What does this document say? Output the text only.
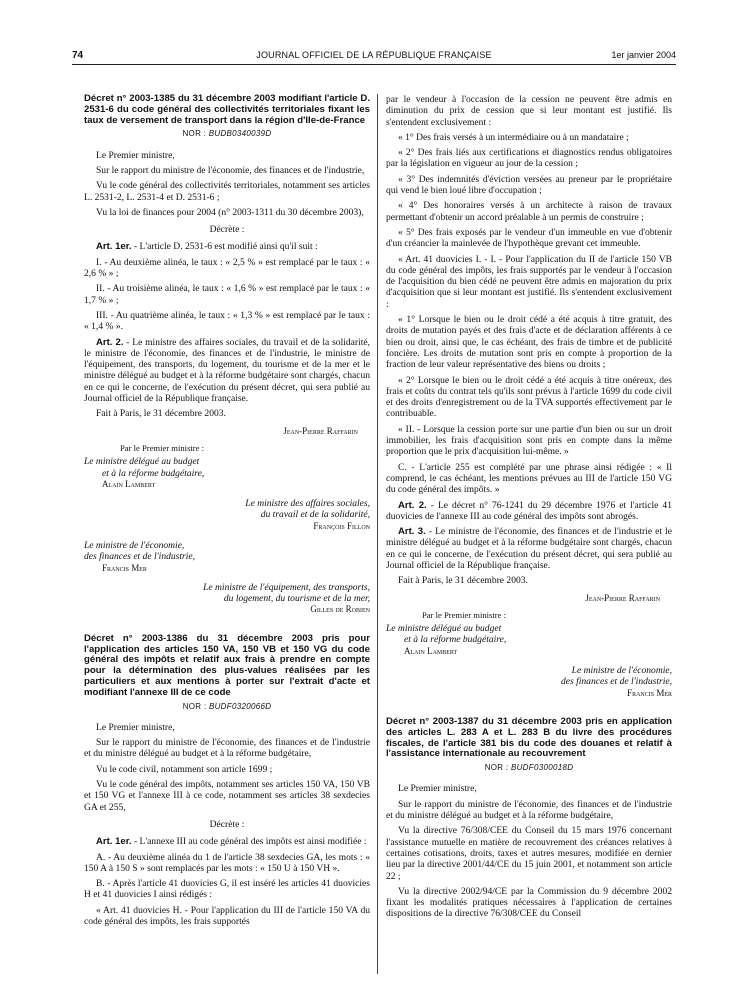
74	JOURNAL OFFICIEL DE LA RÉPUBLIQUE FRANÇAISE	1er janvier 2004

Décret n° 2003-1385 du 31 décembre 2003 modifiant l'article D. 2531-6 du code général des collectivités territoriales fixant les taux de versement de transport dans la région d'Ile-de-France

NOR : BUDB0340039D

Le Premier ministre,

Sur le rapport du ministre de l'économie, des finances et de l'industrie,

Vu le code général des collectivités territoriales, notamment ses articles L. 2531-2, L. 2531-4 et D. 2531-6 ;

Vu la loi de finances pour 2004 (n° 2003-1311 du 30 décembre 2003),

Décrète :

Art. 1er. - L'article D. 2531-6 est modifié ainsi qu'il suit :

I. - Au deuxième alinéa, le taux : « 2,5 % » est remplacé par le taux : « 2,6 % » ;

II. - Au troisième alinéa, le taux : « 1,6 % » est remplacé par le taux : « 1,7 % » ;

III. - Au quatrième alinéa, le taux : « 1,3 % » est remplacé par le taux : « 1,4 % ».

Art. 2. - Le ministre des affaires sociales, du travail et de la solidarité, le ministre de l'économie, des finances et de l'industrie, le ministre de l'équipement, des transports, du logement, du tourisme et de la mer et le ministre délégué au budget et à la réforme budgétaire sont chargés, chacun en ce qui le concerne, de l'exécution du présent décret, qui sera publié au Journal officiel de la République française.

Fait à Paris, le 31 décembre 2003.

Jean-Pierre Raffarin

Par le Premier ministre :

Le ministre délégué au budget

et à la réforme budgétaire,

Alain Lambert

Le ministre des affaires sociales,

du travail et de la solidarité,

François Fillon

Le ministre de l'économie,

des finances et de l'industrie,

Francis Mer

Le ministre de l'équipement, des transports,

du logement, du tourisme et de la mer,

Gilles de Robien

Décret n° 2003-1386 du 31 décembre 2003 pris pour l'application des articles 150 VA, 150 VB et 150 VG du code général des impôts et relatif aux frais à prendre en compte pour la détermination des plus-values réalisées par les particuliers et aux mentions à porter sur l'extrait d'acte et modifiant l'annexe III de ce code

NOR : BUDF0320066D

Le Premier ministre,

Sur le rapport du ministre de l'économie, des finances et de l'industrie et du ministre délégué au budget et à la réforme budgétaire,

Vu le code civil, notamment son article 1699 ;

Vu le code général des impôts, notamment ses articles 150 VA, 150 VB et 150 VG et l'annexe III à ce code, notamment ses articles 38 sexdecies GA et 255,

Décrète :

Art. 1er. - L'annexe III au code général des impôts est ainsi modifiée :

A. - Au deuxième alinéa du 1 de l'article 38 sexdecies GA, les mots : « 150 A à 150 S » sont remplacés par les mots : « 150 U à 150 VH ».

B. - Après l'article 41 duovicies G, il est inséré les articles 41 duovicies H et 41 duovicies I ainsi rédigés :

« Art. 41 duovicies H. - Pour l'application du III de l'article 150 VA du code général des impôts, les frais supportés

par le vendeur à l'occasion de la cession ne peuvent être admis en diminution du prix de cession que si leur montant est justifié. Ils s'entendent exclusivement :

« 1° Des frais versés à un intermédiaire ou à un mandataire ;

« 2° Des frais liés aux certifications et diagnostics rendus obligatoires par la législation en vigueur au jour de la cession ;

« 3° Des indemnités d'éviction versées au preneur par le propriétaire qui vend le bien loué libre d'occupation ;

« 4° Des honoraires versés à un architecte à raison de travaux permettant d'obtenir un accord préalable à un permis de construire ;

« 5° Des frais exposés par le vendeur d'un immeuble en vue d'obtenir d'un créancier la mainlevée de l'hypothèque grevant cet immeuble.

« Art. 41 duovicies I. - I. - Pour l'application du II de l'article 150 VB du code général des impôts, les frais supportés par le vendeur à l'occasion de l'acquisition du bien cédé ne peuvent être admis en majoration du prix d'acquisition que si leur montant est justifié. Ils s'entendent exclusivement :

« 1° Lorsque le bien ou le droit cédé a été acquis à titre gratuit, des droits de mutation payés et des frais d'acte et de déclaration afférents à ce bien ou droit, ainsi que, le cas échéant, des frais de timbre et de publicité foncière. Les droits de mutation sont pris en compte à proportion de la fraction de leur valeur représentative des biens ou droits ;

« 2° Lorsque le bien ou le droit cédé a été acquis à titre onéreux, des frais et coûts du contrat tels qu'ils sont prévus à l'article 1699 du code civil et des droits d'enregistrement ou de la TVA supportés effectivement par le contribuable.

« II. - Lorsque la cession porte sur une partie d'un bien ou sur un droit immobilier, les frais d'acquisition sont pris en compte dans la même proportion que le prix d'acquisition lui-même. »

C. - L'article 255 est complété par une phrase ainsi rédigée : « Il comprend, le cas échéant, les mentions prévues au III de l'article 150 VG du code général des impôts. »

Art. 2. - Le décret n° 76-1241 du 29 décembre 1976 et l'article 41 duovicies de l'annexe III au code général des impôts sont abrogés.

Art. 3. - Le ministre de l'économie, des finances et de l'industrie et le ministre délégué au budget et à la réforme budgétaire sont chargés, chacun en ce qui le concerne, de l'exécution du présent décret, qui sera publié au Journal officiel de la République française.

Fait à Paris, le 31 décembre 2003.

Jean-Pierre Raffarin

Par le Premier ministre :

Le ministre délégué au budget

et à la réforme budgétaire,

Alain Lambert

Le ministre de l'économie,

des finances et de l'industrie,

Francis Mer

Décret n° 2003-1387 du 31 décembre 2003 pris en application des articles L. 283 A et L. 283 B du livre des procédures fiscales, de l'article 381 bis du code des douanes et relatif à l'assistance internationale au recouvrement

NOR : BUDF0300018D

Le Premier ministre,

Sur le rapport du ministre de l'économie, des finances et de l'industrie et du ministre délégué au budget et à la réforme budgétaire,

Vu la directive 76/308/CEE du Conseil du 15 mars 1976 concernant l'assistance mutuelle en matière de recouvrement des créances relatives à certaines cotisations, droits, taxes et autres mesures, modifiée en dernier lieu par la directive 2001/44/CE du 15 juin 2001, et notamment son article 22 ;

Vu la directive 2002/94/CE par la Commission du 9 décembre 2002 fixant les modalités pratiques nécessaires à l'application de certaines dispositions de la directive 76/308/CEE du Conseil
